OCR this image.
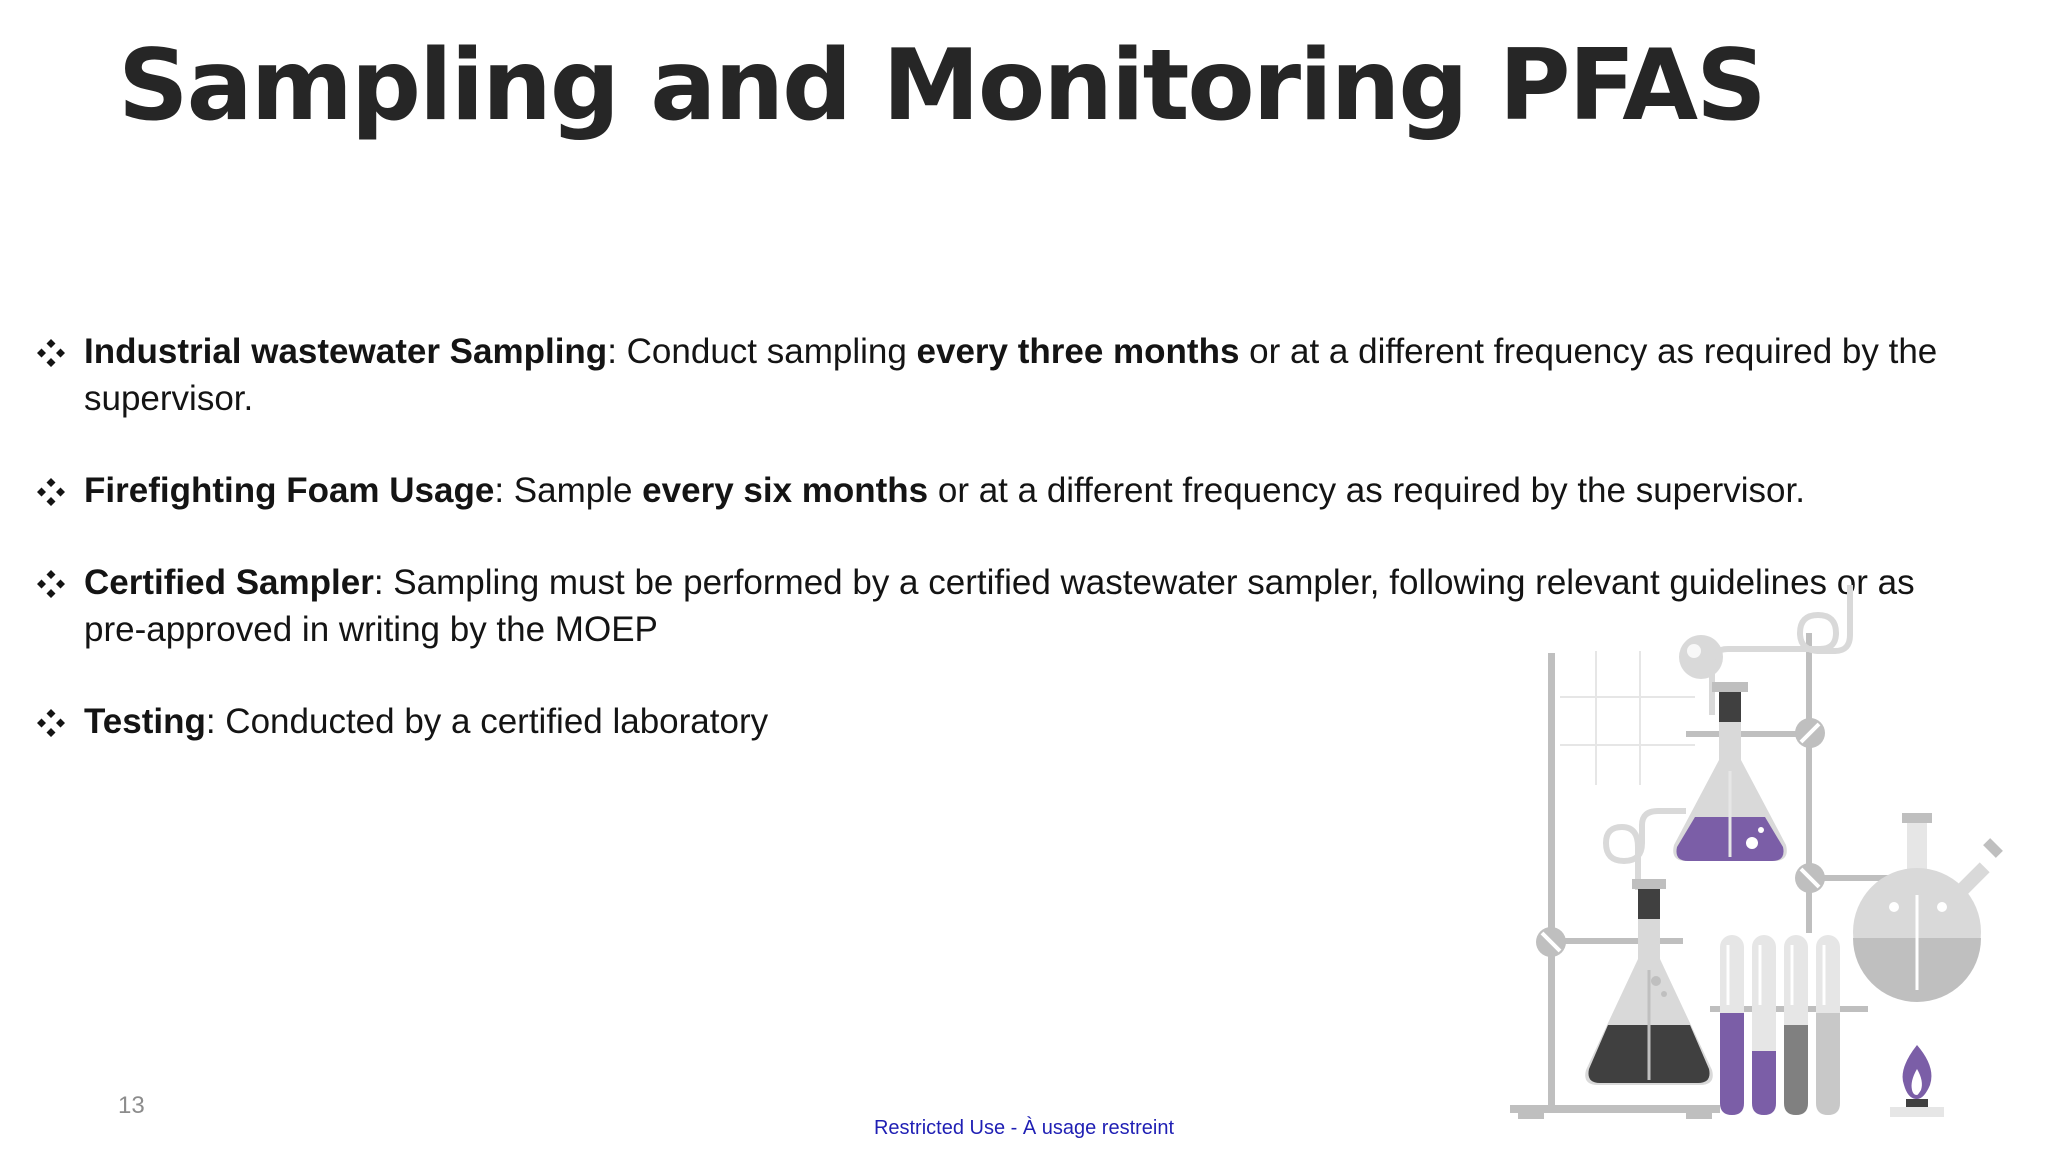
Sampling and Monitoring PFAS
Industrial wastewater Sampling: Conduct sampling every three months or at a different frequency as required by the supervisor.
Firefighting Foam Usage: Sample every six months or at a different frequency as required by the supervisor.
Certified Sampler: Sampling must be performed by a certified wastewater sampler, following relevant guidelines or as pre-approved in writing by the MOEP
Testing: Conducted by a certified laboratory
13
Restricted Use - À usage restreint
